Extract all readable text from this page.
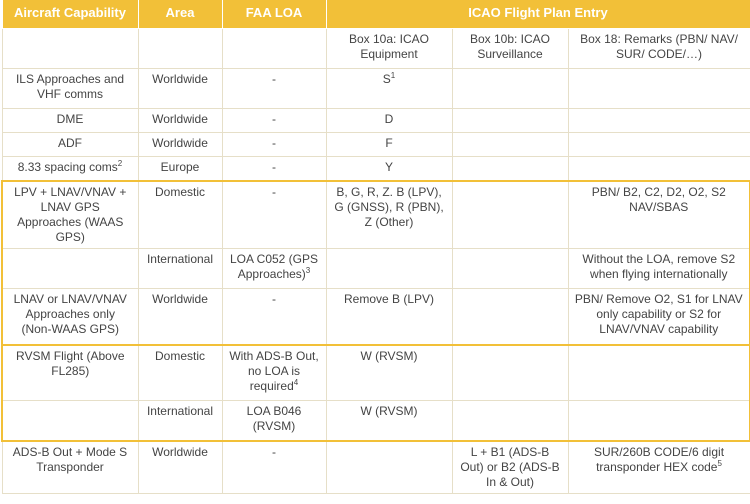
Aircraft Capability	Area	FAA LOA	ICAO Flight Plan Entry		
			Box 10a: ICAO Equipment	Box 10b: ICAO Surveillance	Box 18: Remarks (PBN/ NAV/ SUR/ CODE/…)
ILS Approaches and VHF comms	Worldwide	-	$S^1$		
DME	Worldwide	-	D		
ADF	Worldwide	-	F		
8.33 spacing coms$^2$	Europe	-	Y		
LPV + LNAV/VNAV + LNAV GPS Approaches (WAAS GPS)	Domestic	-	B, G, R, Z. B (LPV), G (GNSS), R (PBN), Z (Other)		PBN/ B2, C2, D2, O2, S2 NAV/SBAS
	International	LOA C052 (GPS Approaches)$^3$			Without the LOA, remove S2 when flying internationally
LNAV or LNAV/VNAV Approaches only (Non-WAAS GPS)	Worldwide	-	Remove B (LPV)		PBN/ Remove O2, S1 for LNAV only capability or S2 for LNAV/VNAV capability
RVSM Flight (Above FL285)	Domestic	With ADS-B Out, no LOA is required$^4$	W (RVSM)		
	International	LOA B046 (RVSM)	W (RVSM)		
ADS-B Out + Mode S Transponder	Worldwide	-		L + B1 (ADS-B Out) or B2 (ADS-B In & Out)	SUR/260B CODE/6 digit transponder HEX code$^5$
